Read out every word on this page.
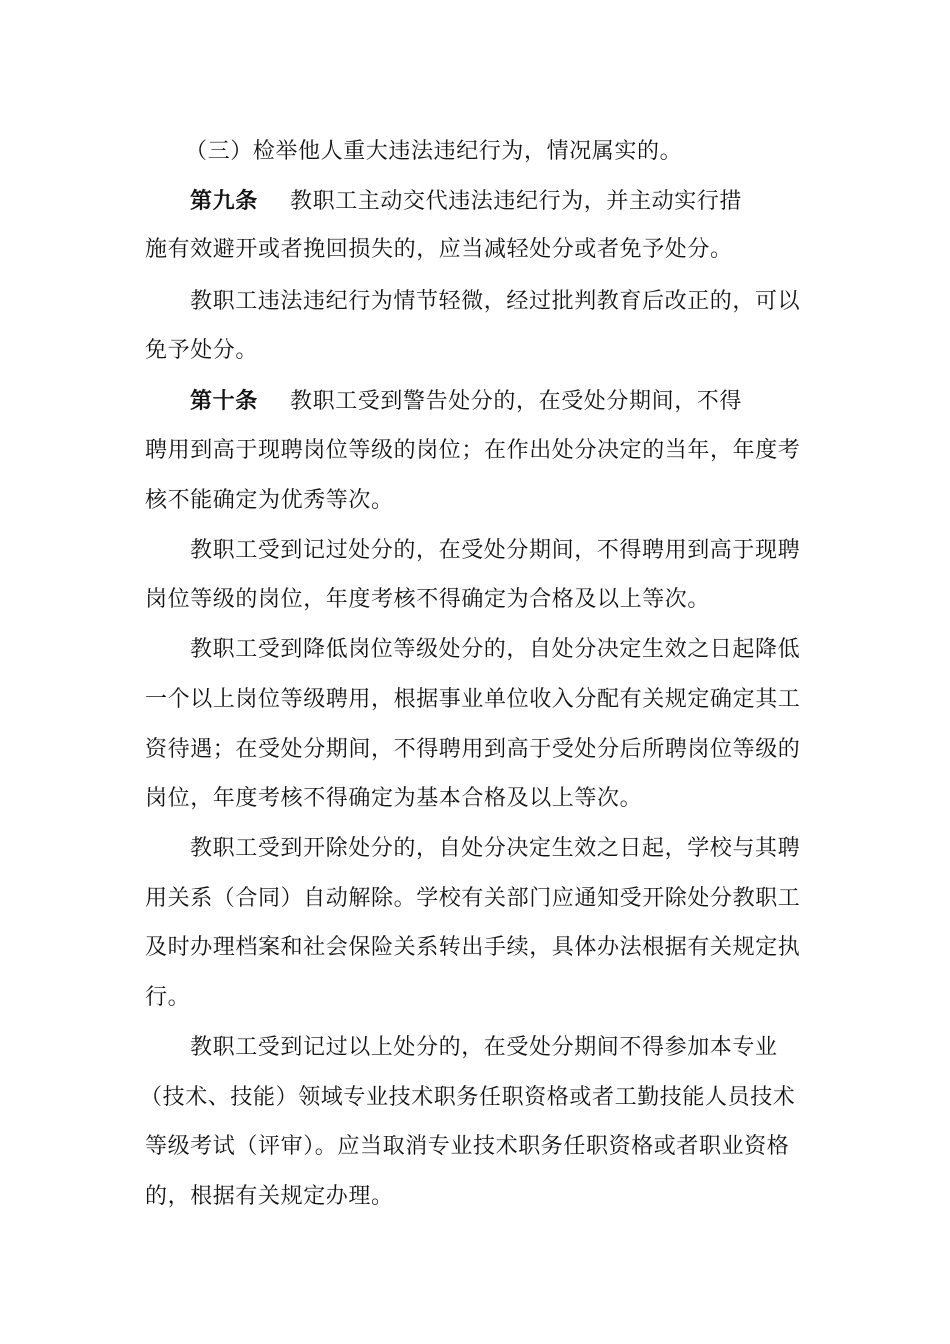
（三）检举他人重大违法违纪行为，情况属实的。
第九条 教职工主动交代违法违纪行为，并主动实行措
施有效避开或者挽回损失的，应当减轻处分或者免予处分。
教职工违法违纪行为情节轻微，经过批判教育后改正的，可以
免予处分。
第十条 教职工受到警告处分的，在受处分期间，不得
聘用到高于现聘岗位等级的岗位；在作出处分决定的当年，年度考
核不能确定为优秀等次。
教职工受到记过处分的，在受处分期间，不得聘用到高于现聘
岗位等级的岗位，年度考核不得确定为合格及以上等次。
教职工受到降低岗位等级处分的，自处分决定生效之日起降低
一个以上岗位等级聘用，根据事业单位收入分配有关规定确定其工
资待遇；在受处分期间，不得聘用到高于受处分后所聘岗位等级的
岗位，年度考核不得确定为基本合格及以上等次。
教职工受到开除处分的，自处分决定生效之日起，学校与其聘
用关系（合同）自动解除。学校有关部门应通知受开除处分教职工
及时办理档案和社会保险关系转出手续，具体办法根据有关规定执
行。
教职工受到记过以上处分的，在受处分期间不得参加本专业
（技术、技能）领域专业技术职务任职资格或者工勤技能人员技术
等级考试（评审）。应当取消专业技术职务任职资格或者职业资格
的，根据有关规定办理。
